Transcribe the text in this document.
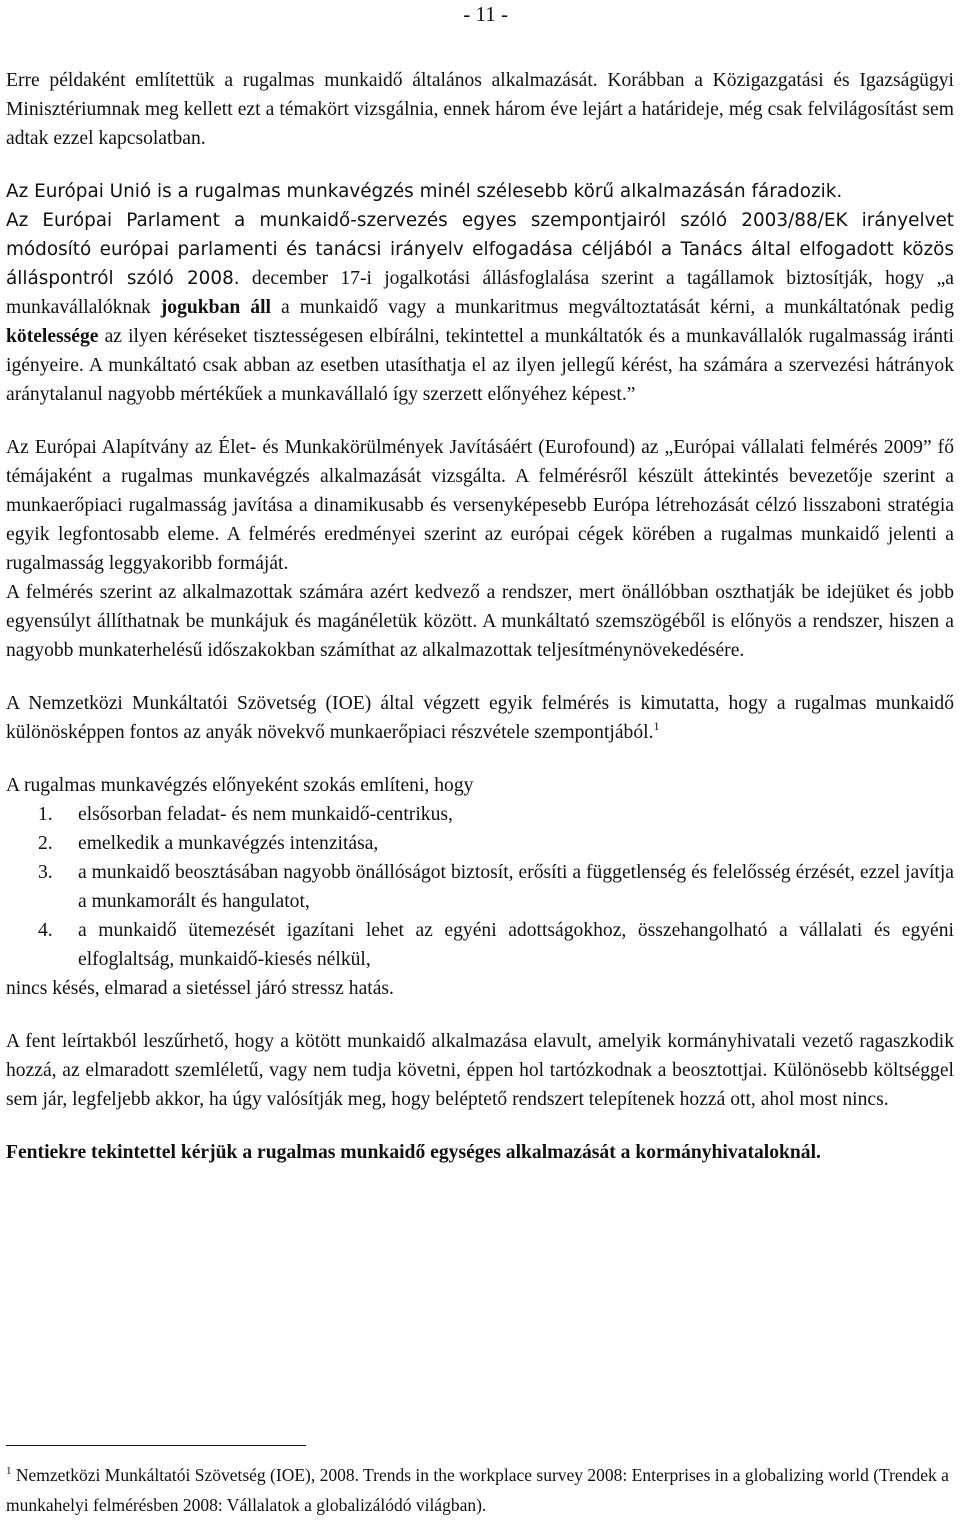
- 11 -

Erre példaként említettük a rugalmas munkaidő általános alkalmazását. Korábban a Közigazgatási és Igazságügyi Minisztériumnak meg kellett ezt a témakört vizsgálnia, ennek három éve lejárt a határideje, még csak felvilágosítást sem adtak ezzel kapcsolatban.

Az Európai Unió is a rugalmas munkavégzés minél szélesebb körű alkalmazásán fáradozik.

Az Európai Parlament a munkaidő-szervezés egyes szempontjairól szóló 2003/88/EK irányelvet módosító európai parlamenti és tanácsi irányelv elfogadása céljából a Tanács által elfogadott közös álláspontról szóló 2008. december 17-i jogalkotási állásfoglalása szerint a tagállamok biztosítják, hogy „a munkavállalóknak jogukban áll a munkaidő vagy a munkaritmus megváltoztatását kérni, a munkáltatónak pedig kötelessége az ilyen kéréseket tisztességesen elbírálni, tekintettel a munkáltatók és a munkavállalók rugalmasság iránti igényeire. A munkáltató csak abban az esetben utasíthatja el az ilyen jellegű kérést, ha számára a szervezési hátrányok aránytalanul nagyobb mértékűek a munkavállaló így szerzett előnyéhez képest.”

Az Európai Alapítvány az Élet- és Munkakörülmények Javításáért (Eurofound) az „Európai vállalati felmérés 2009” fő témájaként a rugalmas munkavégzés alkalmazását vizsgálta. A felmérésről készült áttekintés bevezetője szerint a munkaerőpiaci rugalmasság javítása a dinamikusabb és versenyképesebb Európa létrehozását célzó lisszaboni stratégia egyik legfontosabb eleme. A felmérés eredményei szerint az európai cégek körében a rugalmas munkaidő jelenti a rugalmasság leggyakoribb formáját.

A felmérés szerint az alkalmazottak számára azért kedvező a rendszer, mert önállóbban oszthatják be idejüket és jobb egyensúlyt állíthatnak be munkájuk és magánéletük között. A munkáltató szemszögéből is előnyös a rendszer, hiszen a nagyobb munkaterhelésű időszakokban számíthat az alkalmazottak teljesítménynövekedésére.

A Nemzetközi Munkáltatói Szövetség (IOE) által végzett egyik felmérés is kimutatta, hogy a rugalmas munkaidő különösképpen fontos az anyák növekvő munkaerőpiaci részvétele szempontjából.$^1$

A rugalmas munkavégzés előnyeként szokás említeni, hogy

1. elsősorban feladat- és nem munkaidő-centrikus,
2. emelkedik a munkavégzés intenzitása,
3. a munkaidő beosztásában nagyobb önállóságot biztosít, erősíti a függetlenség és felelősség érzését, ezzel javítja a munkamorált és hangulatot,
4. a munkaidő ütemezését igazítani lehet az egyéni adottságokhoz, összehangolható a vállalati és egyéni elfoglaltság, munkaidő-kiesés nélkül,

nincs késés, elmarad a sietéssel járó stressz hatás.

A fent leírtakból leszűrhető, hogy a kötött munkaidő alkalmazása elavult, amelyik kormányhivatali vezető ragaszkodik hozzá, az elmaradott szemléletű, vagy nem tudja követni, éppen hol tartózkodnak a beosztottjai. Különösebb költséggel sem jár, legfeljebb akkor, ha úgy valósítják meg, hogy beléptető rendszert telepítenek hozzá ott, ahol most nincs.

Fentiekre tekintettel kérjük a rugalmas munkaidő egységes alkalmazását a kormányhivataloknál.

$^1$ Nemzetközi Munkáltatói Szövetség (IOE), 2008. Trends in the workplace survey 2008: Enterprises in a globalizing world (Trendek a munkahelyi felmérésben 2008: Vállalatok a globalizálódó világban).
